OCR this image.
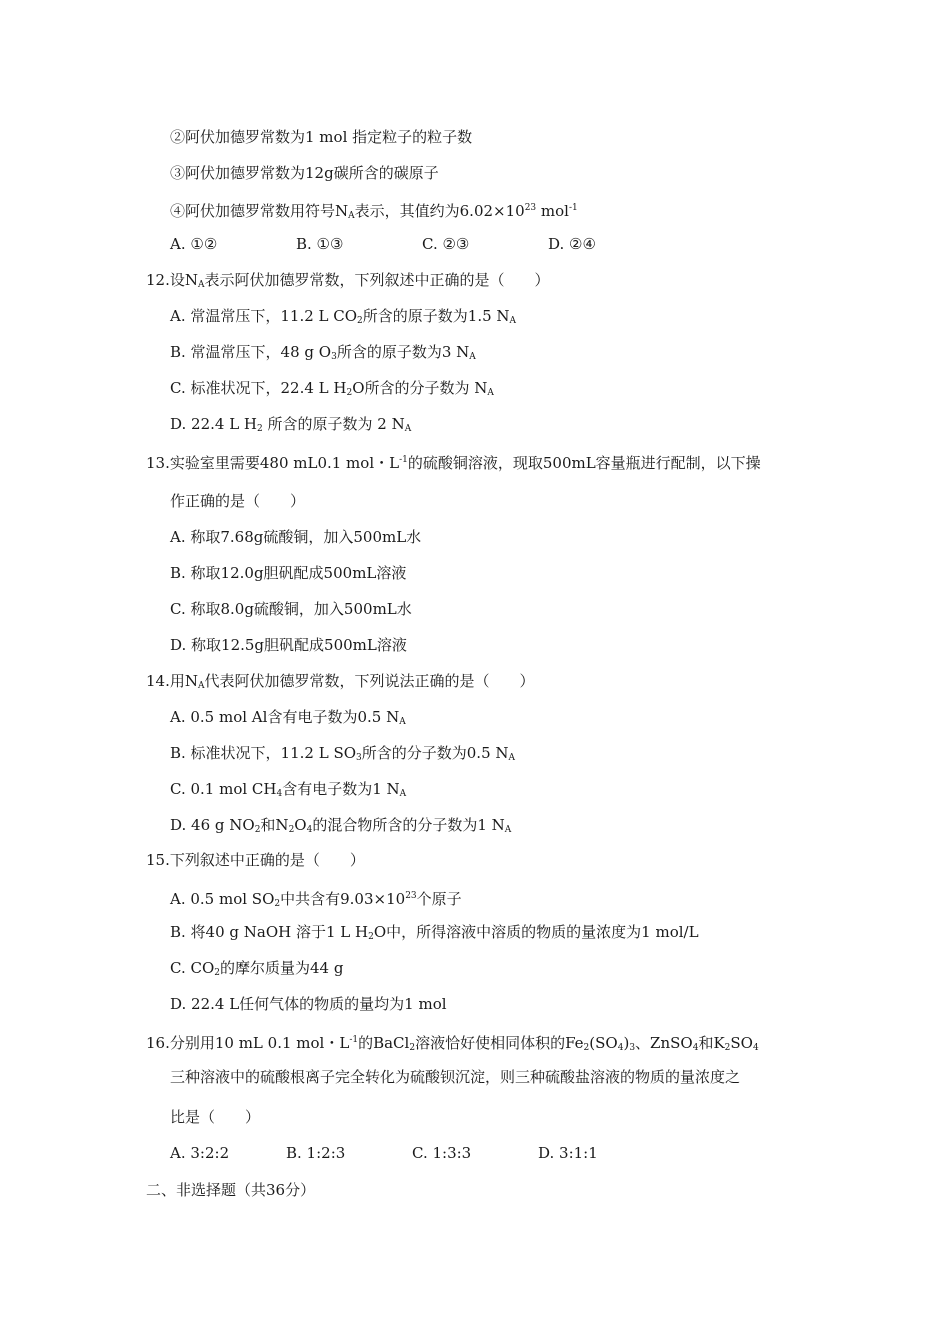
②阿伏加德罗常数为1 mol 指定粒子的粒子数
③阿伏加德罗常数为12g碳所含的碳原子
④阿伏加德罗常数用符号$N_A$表示，其值约为$6.02\times 10^{23}$ mol$^{-1}$
A. ①②	B. ①③	C. ②③	D. ②④
12.设$N_A$表示阿伏加德罗常数，下列叙述中正确的是（　　）
A. 常温常压下，11.2 L $CO_2$所含的原子数为1.5 $N_A$
B. 常温常压下，48 g $O_3$所含的原子数为3 $N_A$
C. 标准状况下，22.4 L $H_2O$所含的分子数为 $N_A$
D. 22.4 L $H_2$ 所含的原子数为 2 $N_A$
13.实验室里需要480 mL0.1 mol・$L^{-1}$的硫酸铜溶液，现取500mL容量瓶进行配制，以下操
作正确的是（　　）
A. 称取7.68g硫酸铜，加入500mL水
B. 称取12.0g胆矾配成500mL溶液
C. 称取8.0g硫酸铜，加入500mL水
D. 称取12.5g胆矾配成500mL溶液
14.用$N_A$代表阿伏加德罗常数，下列说法正确的是（　　）
A. 0.5 mol Al含有电子数为0.5 $N_A$
B. 标准状况下，11.2 L $SO_3$所含的分子数为0.5 $N_A$
C. 0.1 mol $CH_4$含有电子数为1 $N_A$
D. 46 g $NO_2$和$N_2O_4$的混合物所含的分子数为1 $N_A$
15.下列叙述中正确的是（　　）
A. 0.5 mol $SO_2$中共含有$9.03\times 10^{23}$个原子
B. 将40 g NaOH 溶于1 L $H_2O$中，所得溶液中溶质的物质的量浓度为1 mol/L
C. $CO_2$的摩尔质量为44 g
D. 22.4 L任何气体的物质的量均为1 mol
16.分别用10 mL 0.1 mol・$L^{-1}$的BaCl$_2$溶液恰好使相同体积的$Fe_2(SO_4)_3$、ZnSO$_4$和$K_2SO_4$
三种溶液中的硫酸根离子完全转化为硫酸钡沉淀，则三种硫酸盐溶液的物质的量浓度之
比是（　　）
A. 3:2:2	B. 1:2:3	C. 1:3:3	D. 3:1:1
二、非选择题（共36分）
